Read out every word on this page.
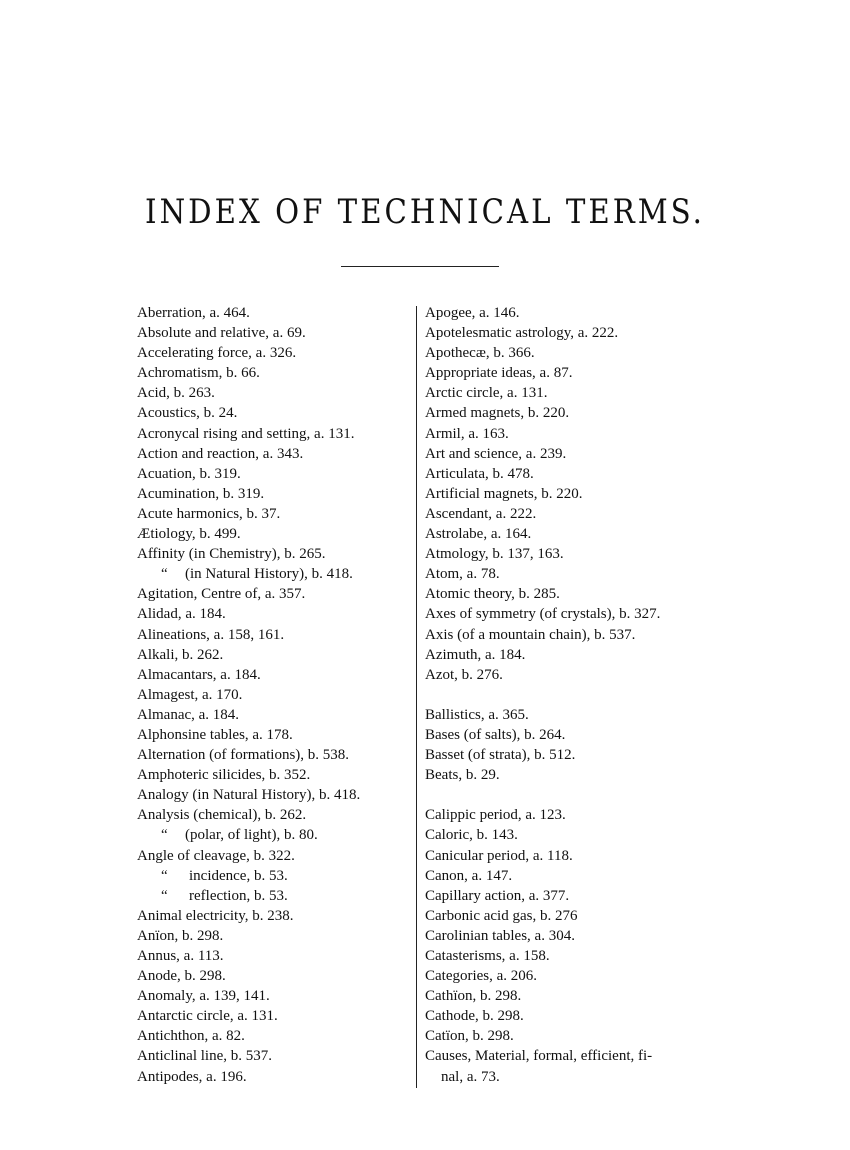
INDEX OF TECHNICAL TERMS.
Aberration, a. 464.
Absolute and relative, a. 69.
Accelerating force, a. 326.
Achromatism, b. 66.
Acid, b. 263.
Acoustics, b. 24.
Acronycal rising and setting, a. 131.
Action and reaction, a. 343.
Acuation, b. 319.
Acumination, b. 319.
Acute harmonics, b. 37.
Ætiology, b. 499.
Affinity (in Chemistry), b. 265.
“ (in Natural History), b. 418.
Agitation, Centre of, a. 357.
Alidad, a. 184.
Alineations, a. 158, 161.
Alkali, b. 262.
Almacantars, a. 184.
Almagest, a. 170.
Almanac, a. 184.
Alphonsine tables, a. 178.
Alternation (of formations), b. 538.
Amphoteric silicides, b. 352.
Analogy (in Natural History), b. 418.
Analysis (chemical), b. 262.
“ (polar, of light), b. 80.
Angle of cleavage, b. 322.
“ incidence, b. 53.
“ reflection, b. 53.
Animal electricity, b. 238.
Anïon, b. 298.
Annus, a. 113.
Anode, b. 298.
Anomaly, a. 139, 141.
Antarctic circle, a. 131.
Antichthon, a. 82.
Anticlinal line, b. 537.
Antipodes, a. 196.
Apogee, a. 146.
Apotelesmatic astrology, a. 222.
Apothecæ, b. 366.
Appropriate ideas, a. 87.
Arctic circle, a. 131.
Armed magnets, b. 220.
Armil, a. 163.
Art and science, a. 239.
Articulata, b. 478.
Artificial magnets, b. 220.
Ascendant, a. 222.
Astrolabe, a. 164.
Atmology, b. 137, 163.
Atom, a. 78.
Atomic theory, b. 285.
Axes of symmetry (of crystals), b. 327.
Axis (of a mountain chain), b. 537.
Azimuth, a. 184.
Azot, b. 276.
Ballistics, a. 365.
Bases (of salts), b. 264.
Basset (of strata), b. 512.
Beats, b. 29.
Calippic period, a. 123.
Caloric, b. 143.
Canicular period, a. 118.
Canon, a. 147.
Capillary action, a. 377.
Carbonic acid gas, b. 276
Carolinian tables, a. 304.
Catasterisms, a. 158.
Categories, a. 206.
Cathïon, b. 298.
Cathode, b. 298.
Catïon, b. 298.
Causes, Material, formal, efficient, fi-
nal, a. 73.
